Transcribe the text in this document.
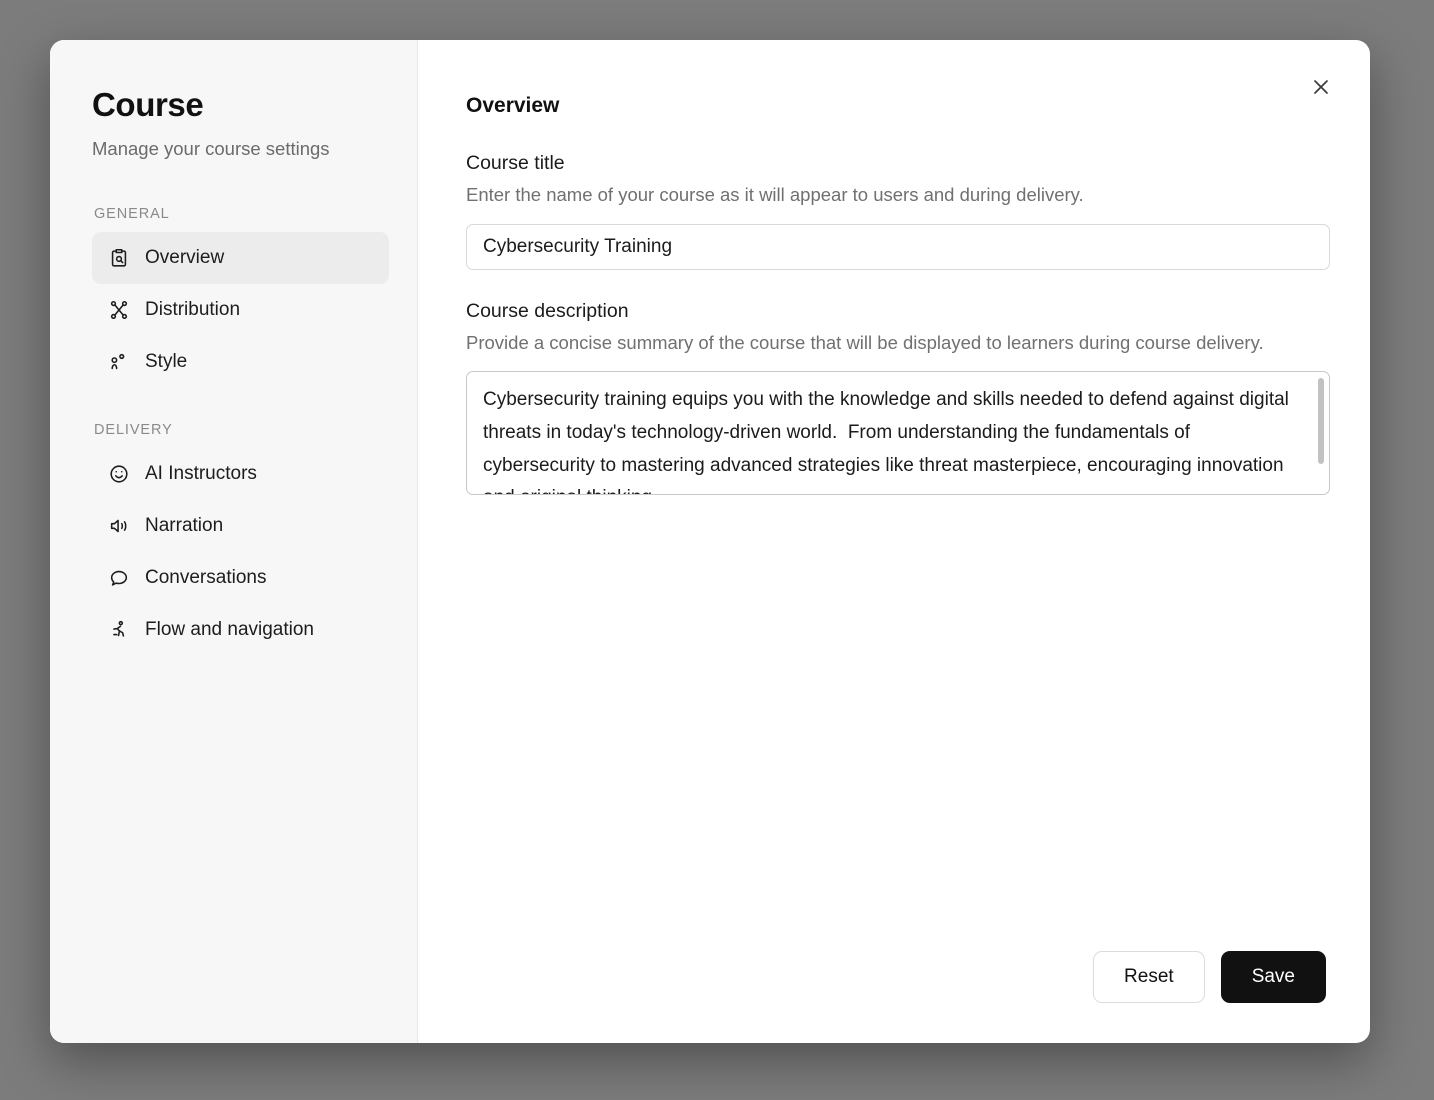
Course

Manage your course settings

GENERAL
Overview
Distribution
Style
DELIVERY
AI Instructors
Narration
Conversations
Flow and navigation
Overview
Course title
Enter the name of your course as it will appear to users and during delivery.
Cybersecurity Training
Course description
Provide a concise summary of the course that will be displayed to learners during course delivery.
Cybersecurity training equips you with the knowledge and skills needed to defend against digital threats in today's technology-driven world. From understanding the fundamentals of cybersecurity to mastering advanced strategies like threat masterpiece, encouraging innovation and original thinking.
Reset	Save
